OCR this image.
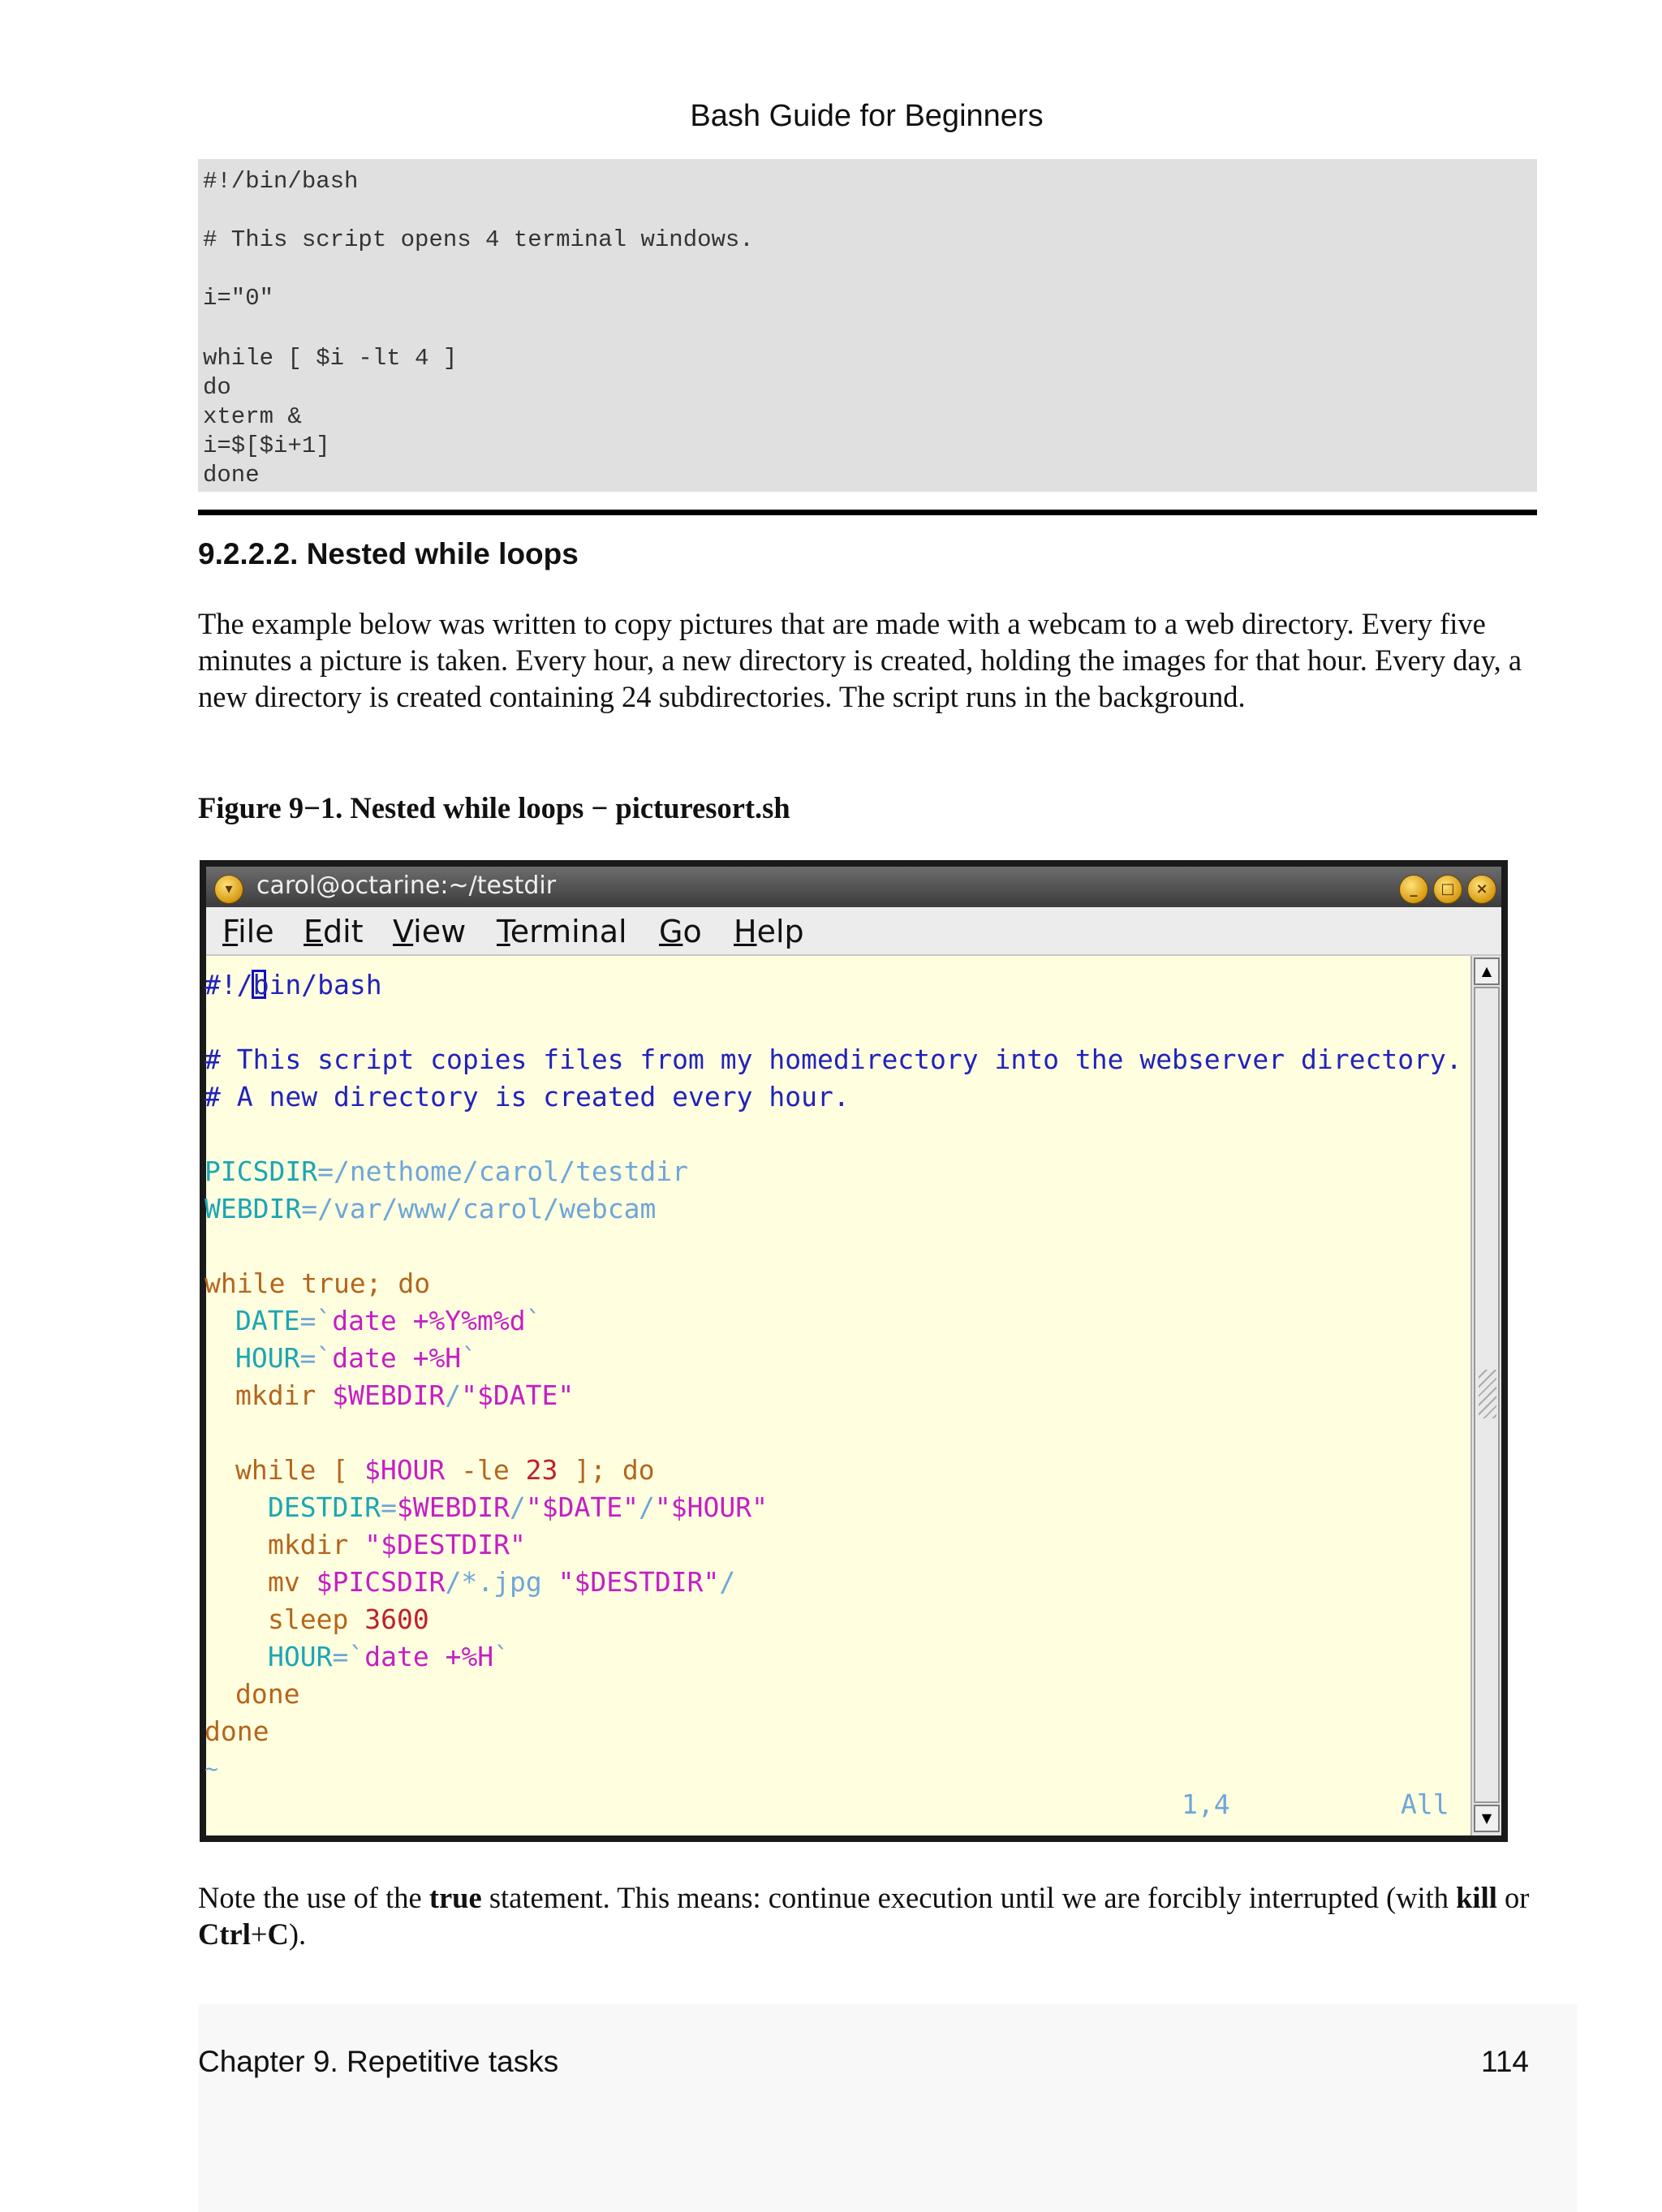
Bash Guide for Beginners
#!/bin/bash
# This script opens 4 terminal windows.
i="0"
while [ $i -lt 4 ]
do
xterm &
i=$[$i+1]
done
9.2.2.2. Nested while loops
The example below was written to copy pictures that are made with a webcam to a web directory. Every five minutes a picture is taken. Every hour, a new directory is created, holding the images for that hour. Every day, a new directory is created containing 24 subdirectories. The script runs in the background.
Figure 9−1. Nested while loops − picturesort.sh
▾ carol@octarine:~/testdir	_	□	×
File Edit View Terminal Go Help
▲
▼
#!/bin/bash
# This script copies files from my homedirectory into the webserver directory.
# A new directory is created every hour.
PICSDIR=/nethome/carol/testdir
WEBDIR=/var/www/carol/webcam
while true; do
DATE=`date +%Y%m%d`
HOUR=`date +%H`
mkdir $WEBDIR/"$DATE"
while [ $HOUR -le 23 ]; do
DESTDIR=$WEBDIR/"$DATE"/"$HOUR"
mkdir "$DESTDIR"
mv $PICSDIR/*.jpg "$DESTDIR"/
sleep 3600
HOUR=`date +%H`
done
done
~
1,4	All
Note the use of the true statement. This means: continue execution until we are forcibly interrupted (with kill or Ctrl+C).
Chapter 9. Repetitive tasks	114
